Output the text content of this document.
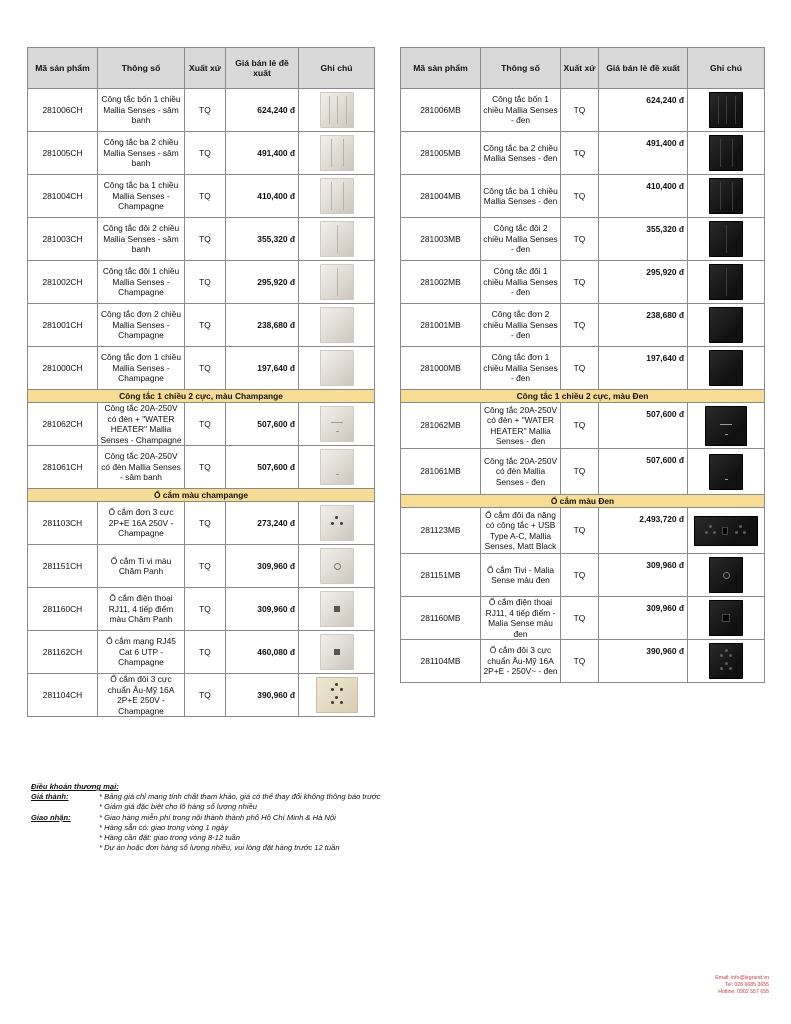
Mã sản phẩm	Thông số	Xuất xứ	Giá bán lẻ đề xuất	Ghi chú
281006CH	Công tắc bốn 1 chiều Mallia Senses - sâm banh	TQ	624,240 đ	

281005CH	Công tắc ba 2 chiều Mallia Senses - sâm banh	TQ	491,400 đ	

281004CH	Công tắc ba 1 chiều Mallia Senses - Champagne	TQ	410,400 đ	

281003CH	Công tắc đôi 2 chiều Mallia Senses - sâm banh	TQ	355,320 đ	

281002CH	Công tắc đôi 1 chiều Mallia Senses - Champagne	TQ	295,920 đ	

281001CH	Công tắc đơn 2 chiều Mallia Senses - Champagne	TQ	238,680 đ	

281000CH	Công tắc đơn 1 chiều Mallia Senses - Champagne	TQ	197,640 đ	

Công tắc 1 chiều 2 cực, màu Champange				
281062CH	Công tắc 20A-250V có đèn + "WATER HEATER" Mallia Senses - Champagne	TQ	507,600 đ	

281061CH	Công tắc 20A-250V có đèn Mallia Senses - sâm banh	TQ	507,600 đ	

Ổ cắm màu champange				
281103CH	Ổ cắm đơn 3 cực 2P+E 16A 250V - Champagne	TQ	273,240 đ	

281151CH	Ổ cắm Ti vi màu Chăm Panh	TQ	309,960 đ	

281160CH	Ổ cắm điện thoại RJ11, 4 tiếp điểm màu Chăm Panh	TQ	309,960 đ	

281162CH	Ổ cắm mạng RJ45 Cat 6 UTP - Champagne	TQ	460,080 đ	

281104CH	Ổ cắm đôi 3 cực chuẩn Âu-Mỹ 16A 2P+E 250V - Champagne	TQ	390,960 đ	
Mã sản phẩm	Thông số	Xuất xứ	Giá bán lẻ đề xuất	Ghi chú
281006MB	Công tắc bốn 1 chiều Mallia Senses - đen	TQ	624,240 đ	

281005MB	Công tắc ba 2 chiều Mallia Senses - đen	TQ	491,400 đ	

281004MB	Công tắc ba 1 chiều Mallia Senses - đen	TQ	410,400 đ	

281003MB	Công tắc đôi 2 chiều Mallia Senses - đen	TQ	355,320 đ	

281002MB	Công tắc đôi 1 chiều Mallia Senses - đen	TQ	295,920 đ	

281001MB	Công tắc đơn 2 chiều Mallia Senses - đen	TQ	238,680 đ	

281000MB	Công tắc đơn 1 chiều Mallia Senses - đen	TQ	197,640 đ	

Công tắc 1 chiều 2 cực, màu Đen				
281062MB	Công tắc 20A-250V có đèn + "WATER HEATER" Mallia Senses - đen	TQ	507,600 đ	

281061MB	Công tắc 20A-250V có đèn Mallia Senses - đen	TQ	507,600 đ	

Ổ cắm màu Đen				
281123MB	Ổ cắm đôi đa năng có công tắc + USB Type A-C, Mallia Senses, Matt Black	TQ	2,493,720 đ	

281151MB	Ổ cắm Tivi - Malia Sense màu đen	TQ	309,960 đ	

281160MB	Ổ cắm điện thoại RJ11, 4 tiếp điểm - Malia Sense màu đen	TQ	309,960 đ	

281104MB	Ổ cắm đôi 3 cực chuẩn Âu-Mỹ 16A 2P+E - 250V~ - đen	TQ	390,960 đ	
Điều khoản thương mại:
Giá thành:	* Bảng giá chỉ mang tính chất tham khảo, giá có thể thay đổi không thông báo trước
* Giảm giá đặc biệt cho lô hàng số lượng nhiều
Giao nhận:	* Giao hàng miễn phí trong nội thành thành phố Hồ Chí Minh & Hà Nội
* Hàng sẵn có: giao trong vòng 1 ngày
* Hàng cần đặt: giao trong vòng 8-12 tuần
* Dự án hoặc đơn hàng số lượng nhiều, vui lòng đặt hàng trước 12 tuần
Email: info@legrand.vn
Tel: 028 6685 3655
Hotline: 0902 557 655
